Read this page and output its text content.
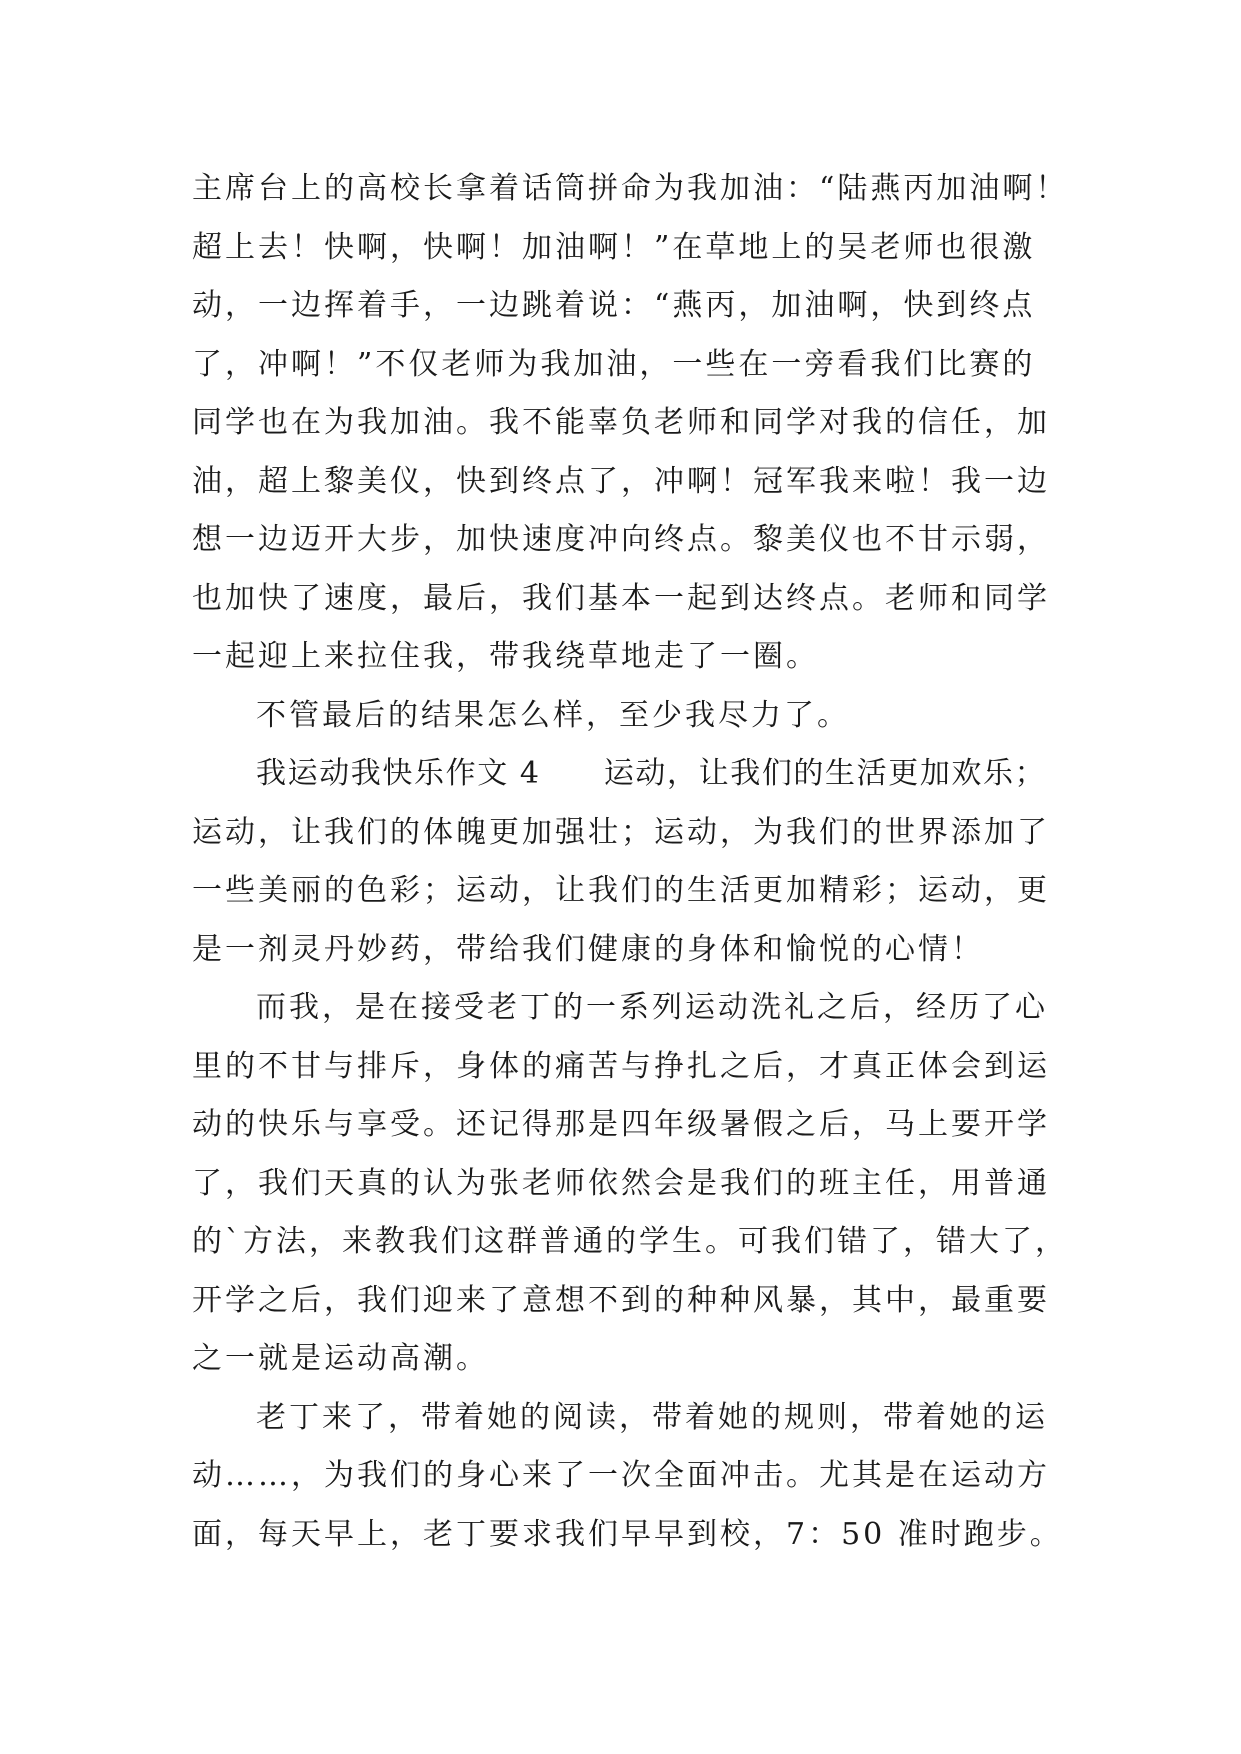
主席台上的高校长拿着话筒拼命为我加油：“陆燕丙加油啊！
超上去！快啊，快啊！加油啊！”在草地上的吴老师也很激
动，一边挥着手，一边跳着说：“燕丙，加油啊，快到终点
了，冲啊！”不仅老师为我加油，一些在一旁看我们比赛的
同学也在为我加油。我不能辜负老师和同学对我的信任，加
油，超上黎美仪，快到终点了，冲啊！冠军我来啦！我一边
想一边迈开大步，加快速度冲向终点。黎美仪也不甘示弱，
也加快了速度，最后，我们基本一起到达终点。老师和同学
一起迎上来拉住我，带我绕草地走了一圈。
不管最后的结果怎么样，至少我尽力了。
我运动我快乐作文 4　　运动，让我们的生活更加欢乐；
运动，让我们的体魄更加强壮；运动，为我们的世界添加了
一些美丽的色彩；运动，让我们的生活更加精彩；运动，更
是一剂灵丹妙药，带给我们健康的身体和愉悦的心情！
而我，是在接受老丁的一系列运动洗礼之后，经历了心
里的不甘与排斥，身体的痛苦与挣扎之后，才真正体会到运
动的快乐与享受。还记得那是四年级暑假之后，马上要开学
了，我们天真的认为张老师依然会是我们的班主任，用普通
的`方法，来教我们这群普通的学生。可我们错了，错大了，
开学之后，我们迎来了意想不到的种种风暴，其中，最重要
之一就是运动高潮。
老丁来了，带着她的阅读，带着她的规则，带着她的运
动……，为我们的身心来了一次全面冲击。尤其是在运动方
面，每天早上，老丁要求我们早早到校，7：50 准时跑步。
